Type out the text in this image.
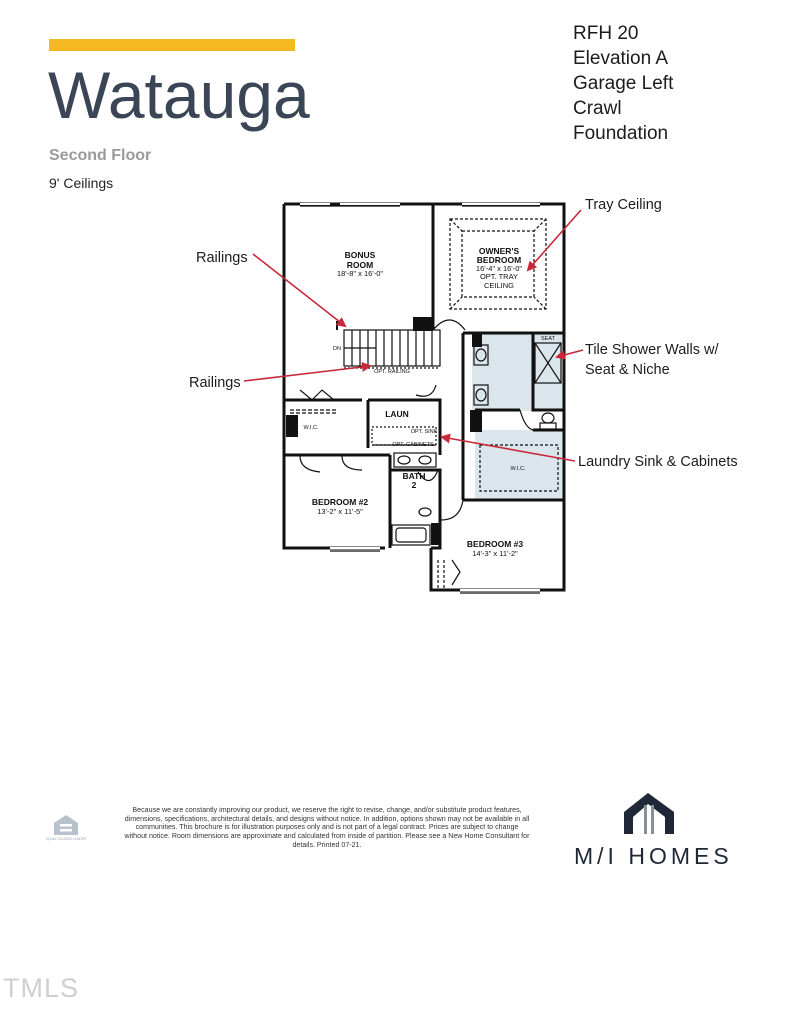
Watauga
Second Floor
9' Ceilings
RFH 20
Elevation A
Garage Left
Crawl
Foundation
Tray Ceiling
Railings
Railings
Tile Shower Walls w/
Seat & Niche
Laundry Sink & Cabinets
BONUS
ROOM
OWNER'S
BEDROOM
LAUN
BATH
2
BEDROOM #2
BEDROOM #3
18'-8" x 16'-0"
16'-4" x 16'-0"
OPT. TRAY
CEILING
13'-2" x 11'-5"
14'-3" x 11'-2"
SEAT
DN
OPT. RAILING
OPT. SINK
OPT. CABINETS
W.I.C.
W.I.C.
EQUAL HOUSING LENDER
Because we are constantly improving our product, we reserve the right to revise, change, and/or substitute product features, dimensions, specifications, architectural details, and designs without notice. In addition, options shown may not be available in all communities. This brochure is for illustration purposes only and is not part of a legal contract. Prices are subject to change without notice. Room dimensions are approximate and calculated from inside of partition. Please see a New Home Consultant for details. Printed 07-21.	M/I HOMES
TMLS
